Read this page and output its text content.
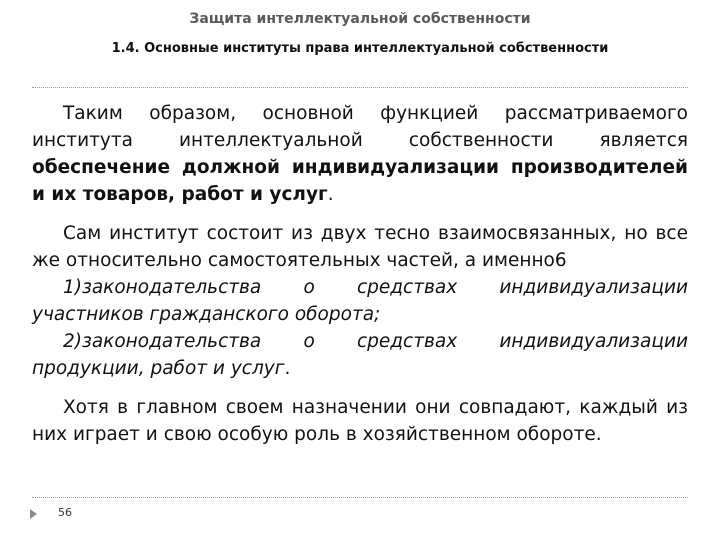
Защита интеллектуальной собственности
1.4. Основные институты права интеллектуальной собственности

Таким образом, основной функцией рассматриваемого института интеллектуальной собственности является обеспечение должной индивидуализации производителей и их товаров, работ и услуг.

Сам институт состоит из двух тесно взаимосвязанных, но все же относительно самостоятельных частей, а именно6

1)законодательства о средствах индивидуализации участников гражданского оборота;

2)законодательства о средствах индивидуализации продукции, работ и услуг.

Хотя в главном своем назначении они совпадают, каждый из них играет и свою особую роль в хозяйственном обороте.

56
